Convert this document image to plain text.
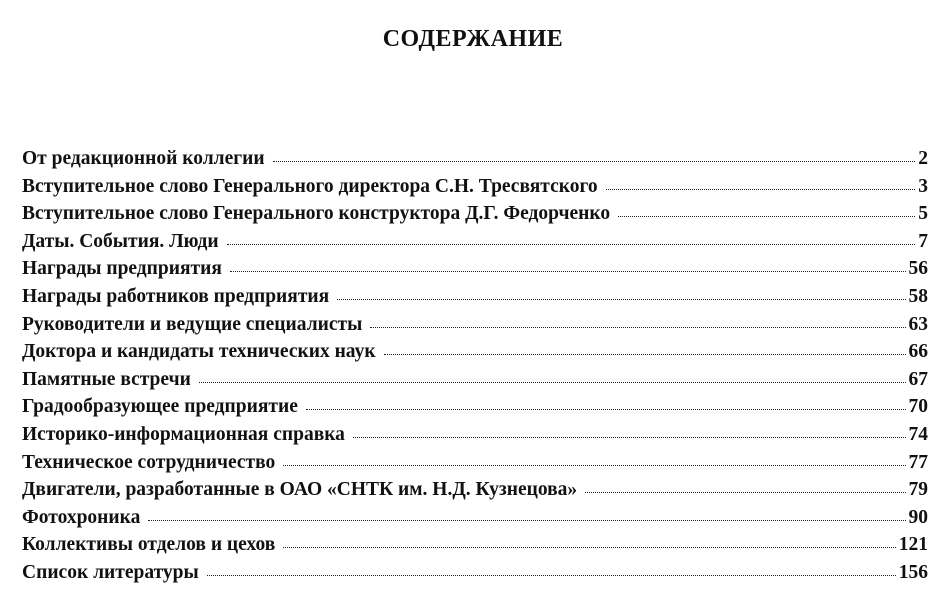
СОДЕРЖАНИЕ
От редакционной коллегии	2
Вступительное слово Генерального директора С.Н. Тресвятского	3
Вступительное слово Генерального конструктора Д.Г. Федорченко	5
Даты. События. Люди	7
Награды предприятия	56
Награды работников предприятия	58
Руководители и ведущие специалисты	63
Доктора и кандидаты технических наук	66
Памятные встречи	67
Градообразующее предприятие	70
Историко-информационная справка	74
Техническое сотрудничество	77
Двигатели, разработанные в ОАО «СНТК им. Н.Д. Кузнецова»	79
Фотохроника	90
Коллективы отделов и цехов	121
Список литературы	156
